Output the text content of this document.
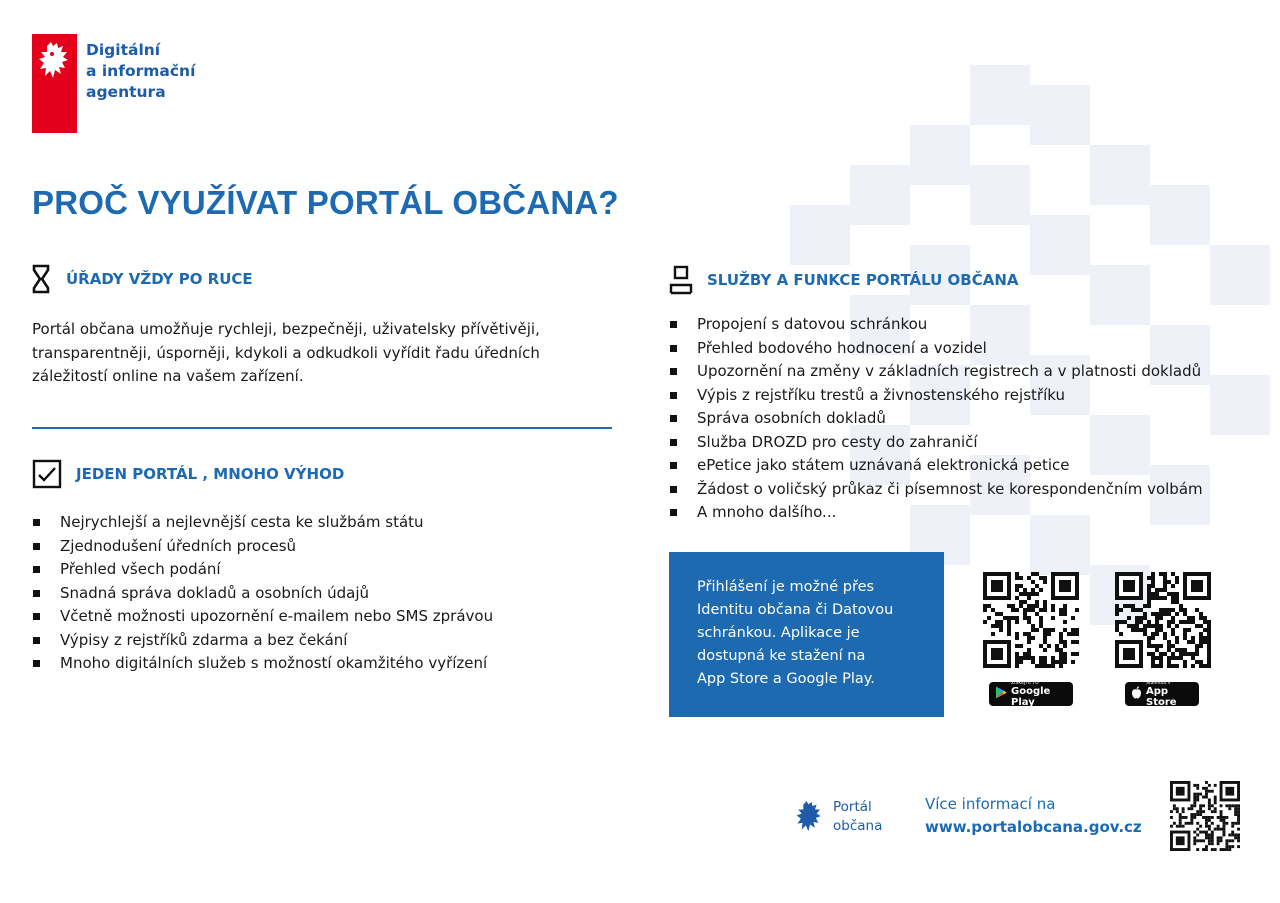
Digitální
a informační
agentura
PROČ VYUŽÍVAT PORTÁL OBČANA?
ÚŘADY VŽDY PO RUCE

Portál občana umožňuje rychleji, bezpečněji, uživatelsky přívětivěji, transparentněji, úsporněji, kdykoli a odkudkoli vyřídit řadu úředních záležitostí online na vašem zařízení.

JEDEN PORTÁL , MNOHO VÝHOD
Nejrychlejší a nejlevnější cesta ke službám státu
Zjednodušení úředních procesů
Přehled všech podání
Snadná správa dokladů a osobních údajů
Včetně možnosti upozornění e-mailem nebo SMS zprávou
Výpisy z rejstříků zdarma a bez čekání
Mnoho digitálních služeb s možností okamžitého vyřízení
SLUŽBY A FUNKCE PORTÁLU OBČANA
Propojení s datovou schránkou
Přehled bodového hodnocení a vozidel
Upozornění na změny v základních registrech a v platnosti dokladů
Výpis z rejstříku trestů a živnostenského rejstříku
Správa osobních dokladů
Služba DROZD pro cesty do zahraničí
ePetice jako státem uznávaná elektronická petice
Žádost o voličský průkaz či písemnost ke korespondenčním volbám
A mnoho dalšího...
Přihlášení je možné přes
Identitu občana či Datovou
schránkou. Aplikace je
dostupná ke stažení na
App Store a Google Play.	ZÍSKEJTE TO
Google Play
Stáhnout v
App Store
Portál
občana
Více informací na
www.portalobcana.gov.cz
